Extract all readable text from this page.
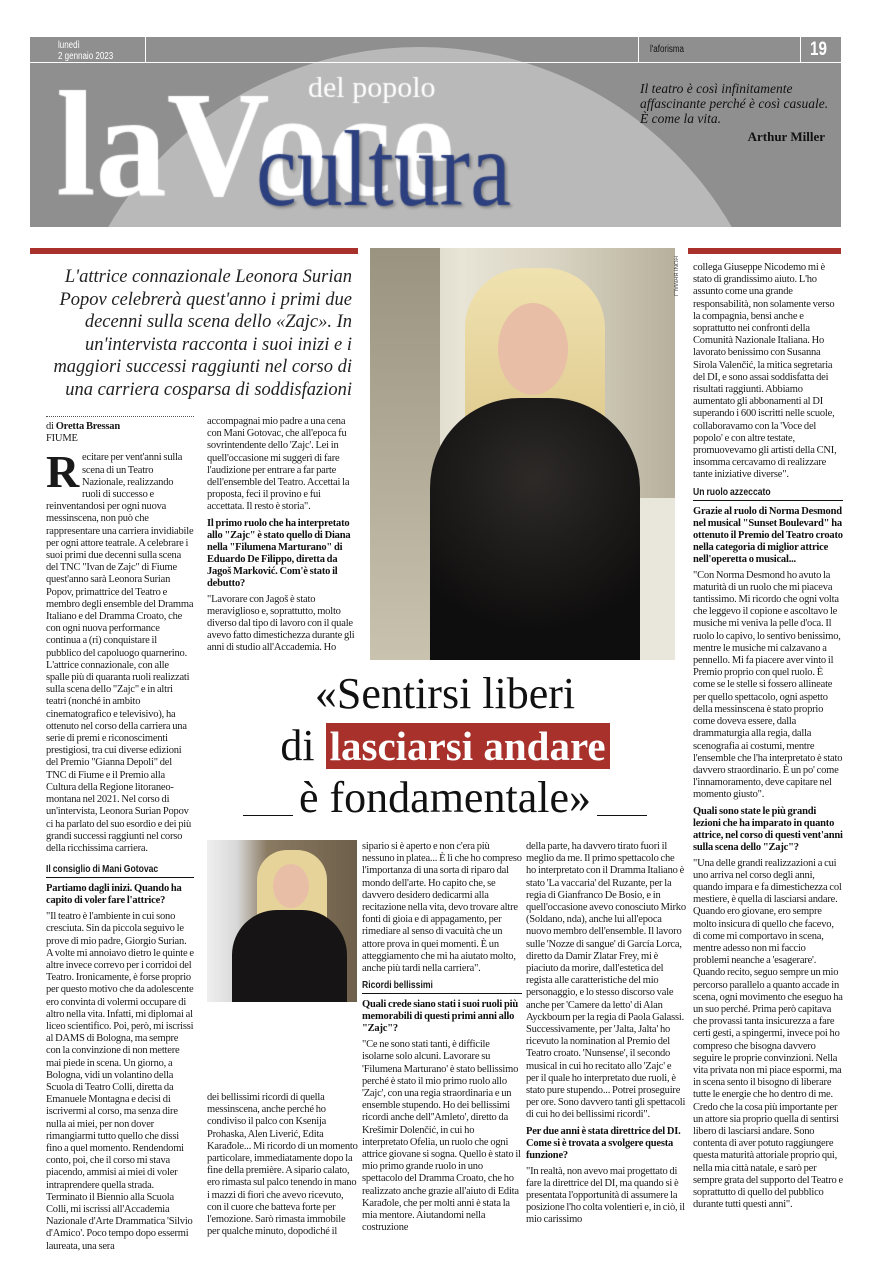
lunedì
2 gennaio 2023
l'aforisma	19
Il teatro è così infinitamente affascinante perché è così casuale. È come la vita.
Arthur Miller
L'attrice connazionale Leonora Surian Popov celebrerà quest'anno i primi due decenni sulla scena dello «Zajc». In un'intervista racconta i suoi inizi e i maggiori successi raggiunti nel corso di una carriera cosparsa di soddisfazioni
RONI BRMALJ
«Sentirsi liberi
di lasciarsi andare
è fondamentale»
di Oretta Bressan
FIUME

Recitare per vent'anni sulla scena di un Teatro Nazionale, realizzando ruoli di successo e reinventandosi per ogni nuova messinscena, non può che rappresentare una carriera invidiabile per ogni attore teatrale. A celebrare i suoi primi due decenni sulla scena del TNC "Ivan de Zajc" di Fiume quest'anno sarà Leonora Surian Popov, primattrice del Teatro e membro degli ensemble del Dramma Italiano e del Dramma Croato, che con ogni nuova performance continua a (ri) conquistare il pubblico del capoluogo quarnerino. L'attrice connazionale, con alle spalle più di quaranta ruoli realizzati sulla scena dello "Zajc" e in altri teatri (nonché in ambito cinematografico e televisivo), ha ottenuto nel corso della carriera una serie di premi e riconoscimenti prestigiosi, tra cui diverse edizioni del Premio "Gianna Depoli" del TNC di Fiume e il Premio alla Cultura della Regione litoraneo-montana nel 2021. Nel corso di un'intervista, Leonora Surian Popov ci ha parlato del suo esordio e dei più grandi successi raggiunti nel corso della ricchissima carriera.

Il consiglio di Mani Gotovac

Partiamo dagli inizi. Quando ha capito di voler fare l'attrice?

"Il teatro è l'ambiente in cui sono cresciuta. Sin da piccola seguivo le prove di mio padre, Giorgio Surian. A volte mi annoiavo dietro le quinte e altre invece correvo per i corridoi del Teatro. Ironicamente, è forse proprio per questo motivo che da adolescente ero convinta di volermi occupare di altro nella vita. Infatti, mi diplomai al liceo scientifico. Poi, però, mi iscrissi al DAMS di Bologna, ma sempre con la convinzione di non mettere mai piede in scena. Un giorno, a Bologna, vidi un volantino della Scuola di Teatro Colli, diretta da Emanuele Montagna e decisi di iscrivermi al corso, ma senza dire nulla ai miei, per non dover rimangiarmi tutto quello che dissi fino a quel momento. Rendendomi conto, poi, che il corso mi stava piacendo, ammisi ai miei di voler intraprendere quella strada. Terminato il Biennio alla Scuola Colli, mi iscrissi all'Accademia Nazionale d'Arte Drammatica 'Silvio d'Amico'. Poco tempo dopo essermi laureata, una sera

accompagnai mio padre a una cena con Mani Gotovac, che all'epoca fu sovrintendente dello 'Zajc'. Lei in quell'occasione mi suggerì di fare l'audizione per entrare a far parte dell'ensemble del Teatro. Accettai la proposta, feci il provino e fui accettata. Il resto è storia".

Il primo ruolo che ha interpretato allo "Zajc" è stato quello di Diana nella "Filumena Marturano" di Eduardo De Filippo, diretta da Jagoš Marković. Com'è stato il debutto?

"Lavorare con Jagoš è stato meraviglioso e, soprattutto, molto diverso dal tipo di lavoro con il quale avevo fatto dimestichezza durante gli anni di studio all'Accademia. Ho

dei bellissimi ricordi di quella messinscena, anche perché ho condiviso il palco con Ksenija Prohaska, Alen Liverić, Edita Karađole... Mi ricordo di un momento particolare, immediatamente dopo la fine della première. A sipario calato, ero rimasta sul palco tenendo in mano i mazzi di fiori che avevo ricevuto, con il cuore che batteva forte per l'emozione. Sarò rimasta immobile per qualche minuto, dopodiché il

sipario si è aperto e non c'era più nessuno in platea... È lì che ho compreso l'importanza di una sorta di riparo dal mondo dell'arte. Ho capito che, se davvero desidero dedicarmi alla recitazione nella vita, devo trovare altre fonti di gioia e di appagamento, per rimediare al senso di vacuità che un attore prova in quei momenti. È un atteggiamento che mi ha aiutato molto, anche più tardi nella carriera".

Ricordi bellissimi

Quali crede siano stati i suoi ruoli più memorabili di questi primi anni allo "Zajc"?

"Ce ne sono stati tanti, è difficile isolarne solo alcuni. Lavorare su 'Filumena Marturano' è stato bellissimo perché è stato il mio primo ruolo allo 'Zajc', con una regia straordinaria e un ensemble stupendo. Ho dei bellissimi ricordi anche dell''Amleto', diretto da Krešimir Dolenčić, in cui ho interpretato Ofelia, un ruolo che ogni attrice giovane si sogna. Quello è stato il mio primo grande ruolo in uno spettacolo del Dramma Croato, che ho realizzato anche grazie all'aiuto di Edita Karađole, che per molti anni è stata la mia mentore. Aiutandomi nella costruzione

della parte, ha davvero tirato fuori il meglio da me. Il primo spettacolo che ho interpretato con il Dramma Italiano è stato 'La vaccaria' del Ruzante, per la regia di Gianfranco De Bosio, e in quell'occasione avevo conosciuto Mirko (Soldano, nda), anche lui all'epoca nuovo membro dell'ensemble. Il lavoro sulle 'Nozze di sangue' di García Lorca, diretto da Damir Zlatar Frey, mi è piaciuto da morire, dall'estetica del regista alle caratteristiche del mio personaggio, e lo stesso discorso vale anche per 'Camere da letto' di Alan Ayckbourn per la regia di Paola Galassi. Successivamente, per 'Jalta, Jalta' ho ricevuto la nomination al Premio del Teatro croato. 'Nunsense', il secondo musical in cui ho recitato allo 'Zajc' e per il quale ho interpretato due ruoli, è stato pure stupendo... Potrei proseguire per ore. Sono davvero tanti gli spettacoli di cui ho dei bellissimi ricordi".

Per due anni è stata direttrice del DI. Come si è trovata a svolgere questa funzione?

"In realtà, non avevo mai progettato di fare la direttrice del DI, ma quando si è presentata l'opportunità di assumere la posizione l'ho colta volentieri e, in ciò, il mio carissimo

collega Giuseppe Nicodemo mi è stato di grandissimo aiuto. L'ho assunto come una grande responsabilità, non solamente verso la compagnia, bensì anche e soprattutto nei confronti della Comunità Nazionale Italiana. Ho lavorato benissimo con Susanna Sirola Valenčić, la mitica segretaria del DI, e sono assai soddisfatta dei risultati raggiunti. Abbiamo aumentato gli abbonamenti al DI superando i 600 iscritti nelle scuole, collaboravamo con la 'Voce del popolo' e con altre testate, promuovevamo gli artisti della CNI, insomma cercavamo di realizzare tante iniziative diverse".

Un ruolo azzeccato

Grazie al ruolo di Norma Desmond nel musical "Sunset Boulevard" ha ottenuto il Premio del Teatro croato nella categoria di miglior attrice nell'operetta o musical...

"Con Norma Desmond ho avuto la maturità di un ruolo che mi piaceva tantissimo. Mi ricordo che ogni volta che leggevo il copione e ascoltavo le musiche mi veniva la pelle d'oca. Il ruolo lo capivo, lo sentivo benissimo, mentre le musiche mi calzavano a pennello. Mi fa piacere aver vinto il Premio proprio con quel ruolo. È come se le stelle si fossero allineate per quello spettacolo, ogni aspetto della messinscena è stato proprio come doveva essere, dalla drammaturgia alla regia, dalla scenografia ai costumi, mentre l'ensemble che l'ha interpretato è stato davvero straordinario. È un po' come l'innamoramento, deve capitare nel momento giusto".

Quali sono state le più grandi lezioni che ha imparato in quanto attrice, nel corso di questi vent'anni sulla scena dello "Zajc"?

"Una delle grandi realizzazioni a cui uno arriva nel corso degli anni, quando impara e fa dimestichezza col mestiere, è quella di lasciarsi andare. Quando ero giovane, ero sempre molto insicura di quello che facevo, di come mi comportavo in scena, mentre adesso non mi faccio problemi neanche a 'esagerare'. Quando recito, seguo sempre un mio percorso parallelo a quanto accade in scena, ogni movimento che eseguo ha un suo perché. Prima però capitava che provassi tanta insicurezza a fare certi gesti, a spingermi, invece poi ho compreso che bisogna davvero seguire le proprie convinzioni. Nella vita privata non mi piace espormi, ma in scena sento il bisogno di liberare tutte le energie che ho dentro di me. Credo che la cosa più importante per un attore sia proprio quella di sentirsi libero di lasciarsi andare. Sono contenta di aver potuto raggiungere questa maturità attoriale proprio qui, nella mia città natale, e sarò per sempre grata del supporto del Teatro e soprattutto di quello del pubblico durante tutti questi anni".
